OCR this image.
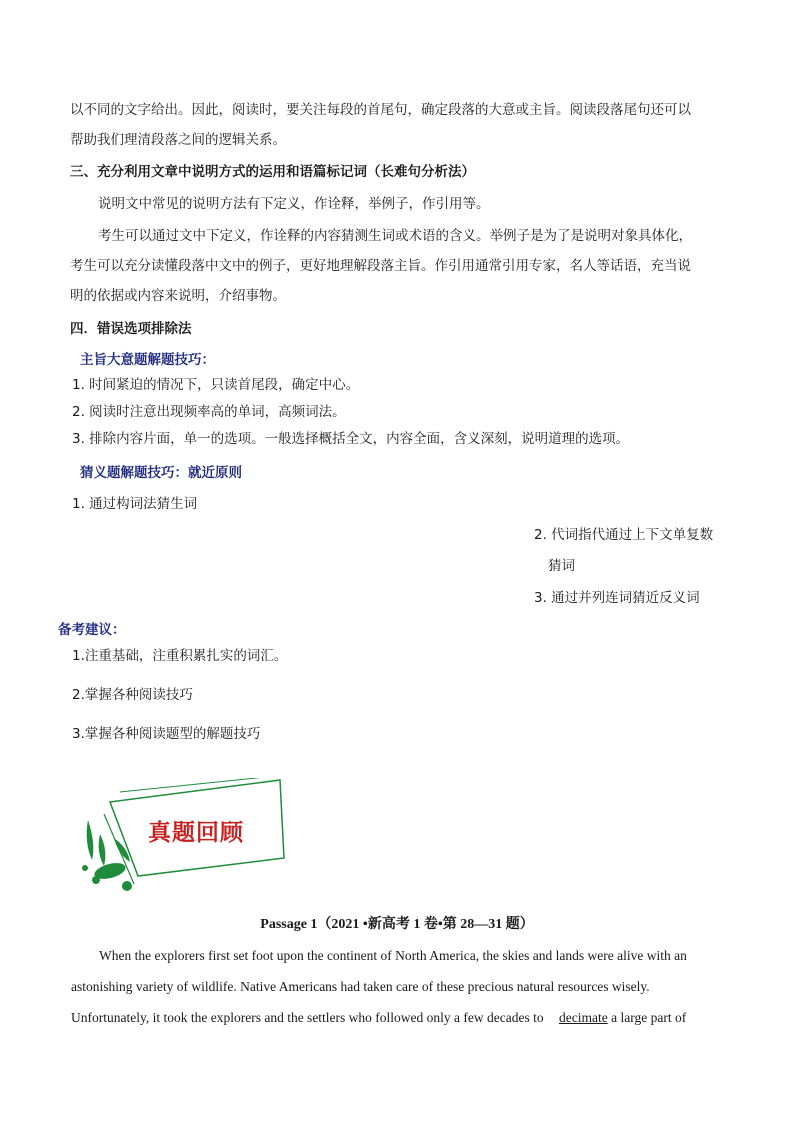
以不同的文字给出。因此，阅读时，要关注每段的首尾句，确定段落的大意或主旨。阅读段落尾句还可以
帮助我们理清段落之间的逻辑关系。
三、充分利用文章中说明方式的运用和语篇标记词（长难句分析法）
说明文中常见的说明方法有下定义，作诠释，举例子，作引用等。
考生可以通过文中下定义，作诠释的内容猜测生词或术语的含义。举例子是为了是说明对象具体化，
考生可以充分读懂段落中文中的例子，更好地理解段落主旨。作引用通常引用专家，名人等话语，充当说
明的依据或内容来说明，介绍事物。
四．错误选项排除法
主旨大意题解题技巧：
1. 时间紧迫的情况下，只读首尾段，确定中心。
2. 阅读时注意出现频率高的单词，高频词法。
3. 排除内容片面，单一的选项。一般选择概括全文，内容全面，含义深刻，说明道理的选项。
猜义题解题技巧：就近原则
1. 通过构词法猜生词
2. 代词指代通过上下文单复数
猜词
3. 通过并列连词猜近反义词
备考建议：
1.注重基础，注重积累扎实的词汇。
2.掌握各种阅读技巧
3.掌握各种阅读题型的解题技巧
真题回顾
Passage 1（2021 •新高考 1 卷•第 28—31 题）
When the explorers first set foot upon the continent of North America, the skies and lands were alive with an
astonishing variety of wildlife. Native Americans had taken care of these precious natural resources wisely.
Unfortunately, it took the explorers and the settlers who followed only a few decades to decimate a large part of
